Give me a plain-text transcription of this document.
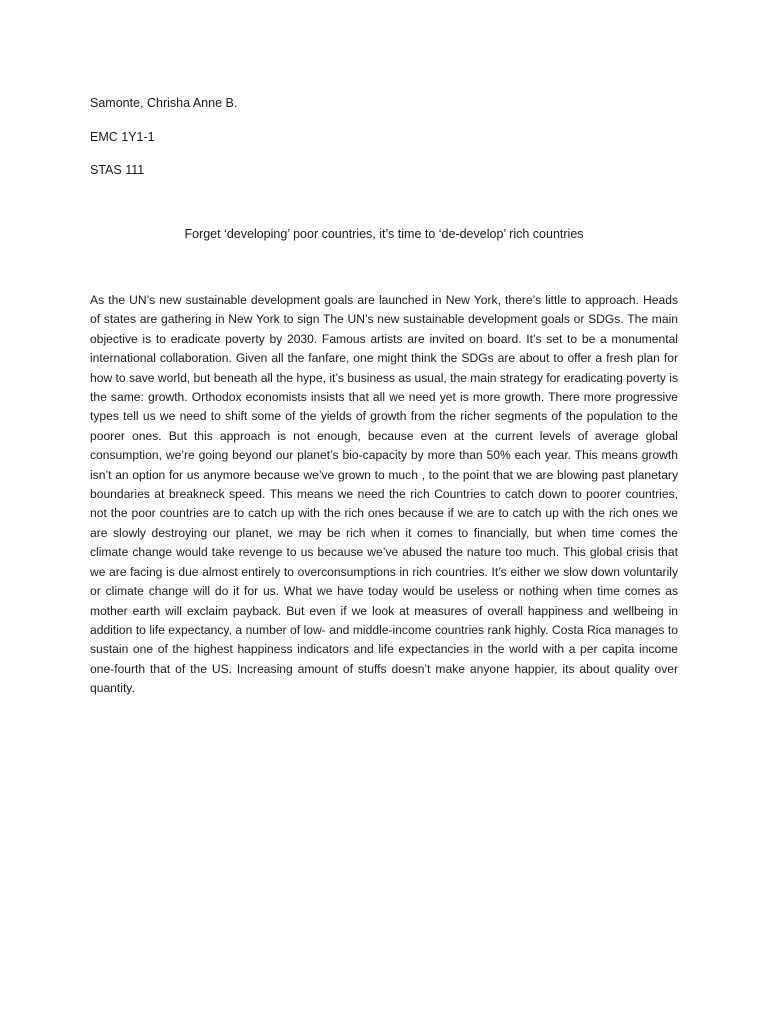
Samonte, Chrisha Anne B.
EMC 1Y1-1
STAS 111
Forget ‘developing’ poor countries, it’s time to ‘de-develop’ rich countries

As the UN’s new sustainable development goals are launched in New York, there’s little to approach. Heads of states are gathering in New York to sign The UN’s new sustainable development goals or SDGs. The main objective is to eradicate poverty by 2030. Famous artists are invited on board. It’s set to be a monumental international collaboration. Given all the fanfare, one might think the SDGs are about to offer a fresh plan for how to save world, but beneath all the hype, it’s business as usual, the main strategy for eradicating poverty is the same: growth. Orthodox economists insists that all we need yet is more growth. There more progressive types tell us we need to shift some of the yields of growth from the richer segments of the population to the poorer ones. But this approach is not enough, because even at the current levels of average global consumption, we’re going beyond our planet’s bio-capacity by more than 50% each year. This means growth isn’t an option for us anymore because we’ve grown to much , to the point that we are blowing past planetary boundaries at breakneck speed. This means we need the rich Countries to catch down to poorer countries, not the poor countries are to catch up with the rich ones because if we are to catch up with the rich ones we are slowly destroying our planet, we may be rich when it comes to financially, but when time comes the climate change would take revenge to us because we’ve abused the nature too much. This global crisis that we are facing is due almost entirely to overconsumptions in rich countries. It’s either we slow down voluntarily or climate change will do it for us. What we have today would be useless or nothing when time comes as mother earth will exclaim payback. But even if we look at measures of overall happiness and wellbeing in addition to life expectancy, a number of low- and middle-income countries rank highly. Costa Rica manages to sustain one of the highest happiness indicators and life expectancies in the world with a per capita income one-fourth that of the US. Increasing amount of stuffs doesn’t make anyone happier, its about quality over quantity.
